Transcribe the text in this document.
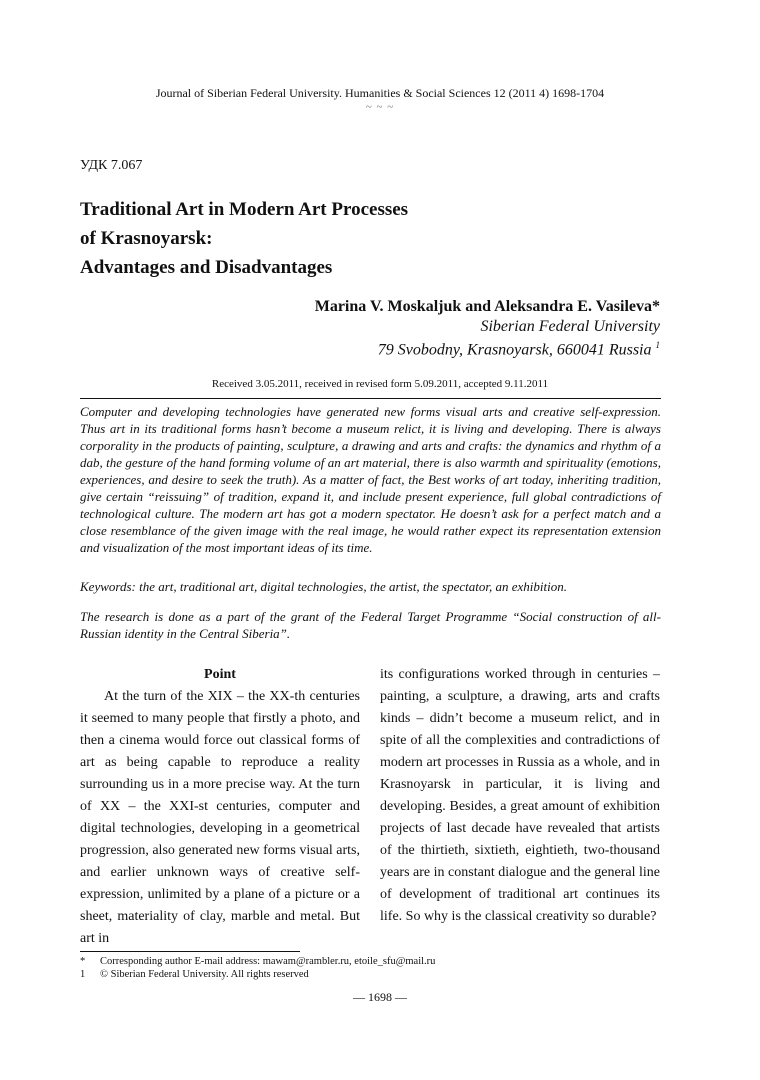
Journal of Siberian Federal University. Humanities & Social Sciences 12 (2011 4) 1698-1704
~ ~ ~
УДК 7.067
Traditional Art in Modern Art Processes
of Krasnoyarsk:
Advantages and Disadvantages
Marina V. Moskaljuk and Aleksandra E. Vasileva*
Siberian Federal University
79 Svobodny, Krasnoyarsk, 660041 Russia $^1$
Received 3.05.2011, received in revised form 5.09.2011, accepted 9.11.2011
Computer and developing technologies have generated new forms visual arts and creative self-expression. Thus art in its traditional forms hasn’t become a museum relict, it is living and developing. There is always corporality in the products of painting, sculpture, a drawing and arts and crafts: the dynamics and rhythm of a dab, the gesture of the hand forming volume of an art material, there is also warmth and spirituality (emotions, experiences, and desire to seek the truth). As a matter of fact, the Best works of art today, inheriting tradition, give certain “reissuing” of tradition, expand it, and include present experience, full global contradictions of technological culture. The modern art has got a modern spectator. He doesn’t ask for a perfect match and a close resemblance of the given image with the real image, he would rather expect its representation extension and visualization of the most important ideas of its time.
Keywords: the art, traditional art, digital technologies, the artist, the spectator, an exhibition.
The research is done as a part of the grant of the Federal Target Programme “Social construction of all-Russian identity in the Central Siberia”.
Point

At the turn of the XIX – the XX-th centuries it seemed to many people that firstly a photo, and then a cinema would force out classical forms of art as being capable to reproduce a reality surrounding us in a more precise way. At the turn of XX – the XXI-st centuries, computer and digital technologies, developing in a geometrical progression, also generated new forms visual arts, and earlier unknown ways of creative self-expression, unlimited by a plane of a picture or a sheet, materiality of clay, marble and metal. But art in

its configurations worked through in centuries – painting, a sculpture, a drawing, arts and crafts kinds – didn’t become a museum relict, and in spite of all the complexities and contradictions of modern art processes in Russia as a whole, and in Krasnoyarsk in particular, it is living and developing. Besides, a great amount of exhibition projects of last decade have revealed that artists of the thirtieth, sixtieth, eightieth, two-thousand years are in constant dialogue and the general line of development of traditional art continues its life. So why is the classical creativity so durable?

* Corresponding author E-mail address: mawam@rambler.ru, etoile_sfu@mail.ru
1 © Siberian Federal University. All rights reserved
— 1698 —
